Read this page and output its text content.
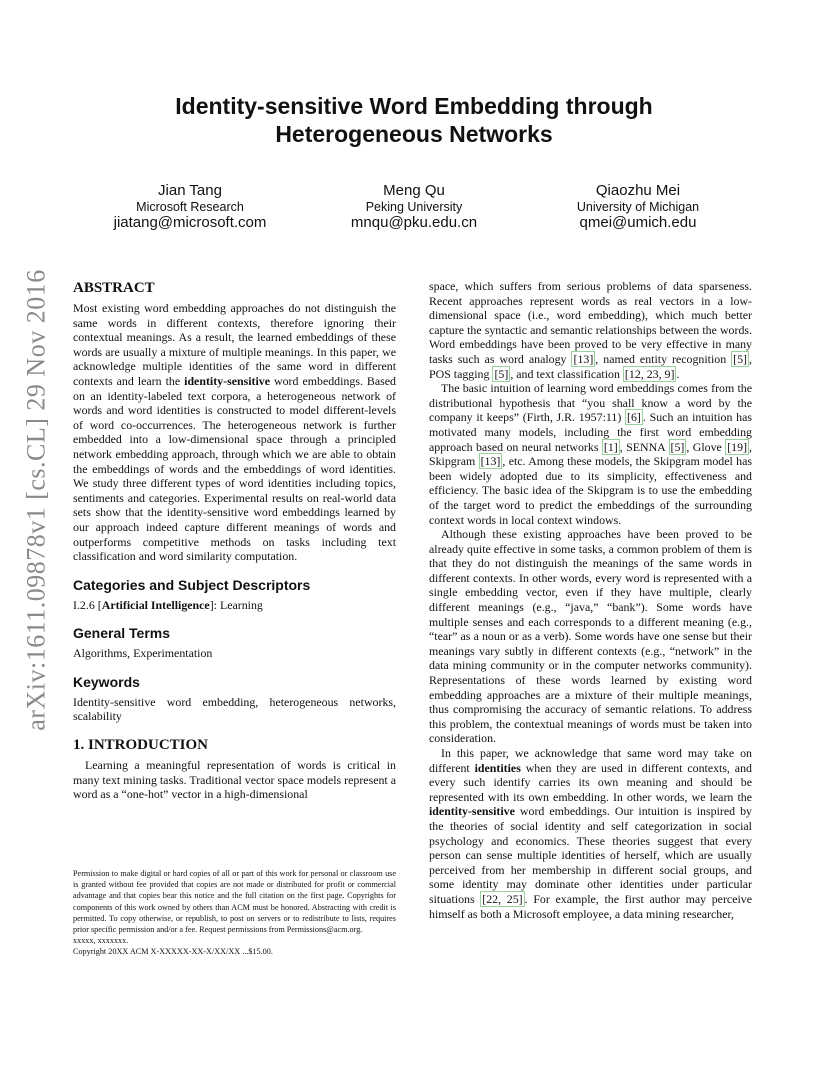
arXiv:1611.09878v1 [cs.CL] 29 Nov 2016
Identity-sensitive Word Embedding through
Heterogeneous Networks
Jian Tang
Microsoft Research
jiatang@microsoft.com
Meng Qu
Peking University
mnqu@pku.edu.cn
Qiaozhu Mei
University of Michigan
qmei@umich.edu
ABSTRACT

Most existing word embedding approaches do not distinguish the same words in different contexts, therefore ignoring their contextual meanings. As a result, the learned embeddings of these words are usually a mixture of multiple meanings. In this paper, we acknowledge multiple identities of the same word in different contexts and learn the identity-sensitive word embeddings. Based on an identity-labeled text corpora, a heterogeneous network of words and word identities is constructed to model different-levels of word co-occurrences. The heterogeneous network is further embedded into a low-dimensional space through a principled network embedding approach, through which we are able to obtain the embeddings of words and the embeddings of word identities. We study three different types of word identities including topics, sentiments and categories. Experimental results on real-world data sets show that the identity-sensitive word embeddings learned by our approach indeed capture different meanings of words and outperforms competitive methods on tasks including text classification and word similarity computation.

Categories and Subject Descriptors

I.2.6 [Artificial Intelligence]: Learning

General Terms

Algorithms, Experimentation

Keywords

Identity-sensitive word embedding, heterogeneous networks, scalability

1. INTRODUCTION

Learning a meaningful representation of words is critical in many text mining tasks. Traditional vector space models represent a word as a “one-hot” vector in a high-dimensional

Permission to make digital or hard copies of all or part of this work for personal or classroom use is granted without fee provided that copies are not made or distributed for profit or commercial advantage and that copies bear this notice and the full citation on the first page. Copyrights for components of this work owned by others than ACM must be honored. Abstracting with credit is permitted. To copy otherwise, or republish, to post on servers or to redistribute to lists, requires prior specific permission and/or a fee. Request permissions from Permissions@acm.org.
xxxxx, xxxxxxx.
Copyright 20XX ACM X-XXXXX-XX-X/XX/XX ...$15.00.

space, which suffers from serious problems of data sparseness. Recent approaches represent words as real vectors in a low-dimensional space (i.e., word embedding), which much better capture the syntactic and semantic relationships between the words. Word embeddings have been proved to be very effective in many tasks such as word analogy [13] , named entity recognition [5] , POS tagging [5] , and text classification [12, 23, 9] .

The basic intuition of learning word embeddings comes from the distributional hypothesis that “you shall know a word by the company it keeps” (Firth, J.R. 1957:11) [6] . Such an intuition has motivated many models, including the first word embedding approach based on neural networks [1] , SENNA [5] , Glove [19] , Skipgram [13] , etc. Among these models, the Skipgram model has been widely adopted due to its simplicity, effectiveness and efficiency. The basic idea of the Skipgram is to use the embedding of the target word to predict the embeddings of the surrounding context words in local context windows.

Although these existing approaches have been proved to be already quite effective in some tasks, a common problem of them is that they do not distinguish the meanings of the same words in different contexts. In other words, every word is represented with a single embedding vector, even if they have multiple, clearly different meanings (e.g., “java,” “bank”). Some words have multiple senses and each corresponds to a different meaning (e.g., “tear” as a noun or as a verb). Some words have one sense but their meanings vary subtly in different contexts (e.g., “network” in the data mining community or in the computer networks community). Representations of these words learned by existing word embedding approaches are a mixture of their multiple meanings, thus compromising the accuracy of semantic relations. To address this problem, the contextual meanings of words must be taken into consideration.

In this paper, we acknowledge that same word may take on different identities when they are used in different contexts, and every such identify carries its own meaning and should be represented with its own embedding. In other words, we learn the identity-sensitive word embeddings. Our intuition is inspired by the theories of social identity and self categorization in social psychology and economics. These theories suggest that every person can sense multiple identities of herself, which are usually perceived from her membership in different social groups, and some identity may dominate other identities under particular situations [22, 25] . For example, the first author may perceive himself as both a Microsoft employee, a data mining researcher,
